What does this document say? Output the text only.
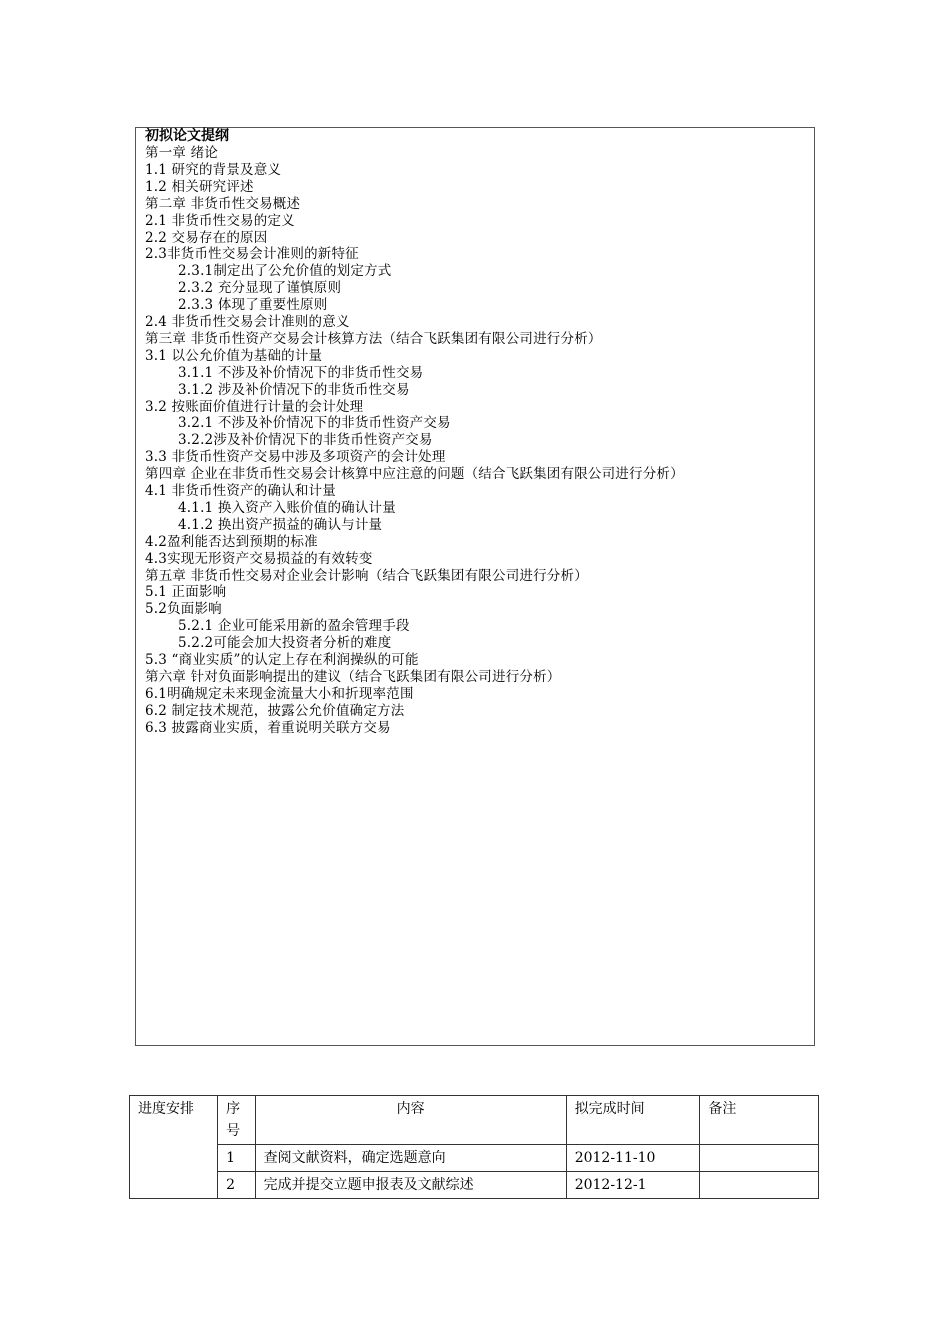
初拟论文提纲
第一章 绪论
1.1 研究的背景及意义
1.2 相关研究评述
第二章 非货币性交易概述
2.1 非货币性交易的定义
2.2 交易存在的原因
2.3非货币性交易会计准则的新特征
2.3.1制定出了公允价值的划定方式
2.3.2 充分显现了谨慎原则
2.3.3 体现了重要性原则
2.4 非货币性交易会计准则的意义
第三章 非货币性资产交易会计核算方法（结合飞跃集团有限公司进行分析）
3.1 以公允价值为基础的计量
3.1.1 不涉及补价情况下的非货币性交易
3.1.2 涉及补价情况下的非货币性交易
3.2 按账面价值进行计量的会计处理
3.2.1 不涉及补价情况下的非货币性资产交易
3.2.2涉及补价情况下的非货币性资产交易
3.3 非货币性资产交易中涉及多项资产的会计处理
第四章 企业在非货币性交易会计核算中应注意的问题（结合飞跃集团有限公司进行分析）
4.1 非货币性资产的确认和计量
4.1.1 换入资产入账价值的确认计量
4.1.2 换出资产损益的确认与计量
4.2盈利能否达到预期的标准
4.3实现无形资产交易损益的有效转变
第五章 非货币性交易对企业会计影响（结合飞跃集团有限公司进行分析）
5.1 正面影响
5.2负面影响
5.2.1 企业可能采用新的盈余管理手段
5.2.2可能会加大投资者分析的难度
5.3 “商业实质”的认定上存在利润操纵的可能
第六章 针对负面影响提出的建议（结合飞跃集团有限公司进行分析）
6.1明确规定未来现金流量大小和折现率范围
6.2 制定技术规范，披露公允价值确定方法
6.3 披露商业实质，着重说明关联方交易
进度安排	序号	内容	拟完成时间	备注
	1	查阅文献资料，确定选题意向	2012-11-10	
	2	完成并提交立题申报表及文献综述	2012-12-1	
